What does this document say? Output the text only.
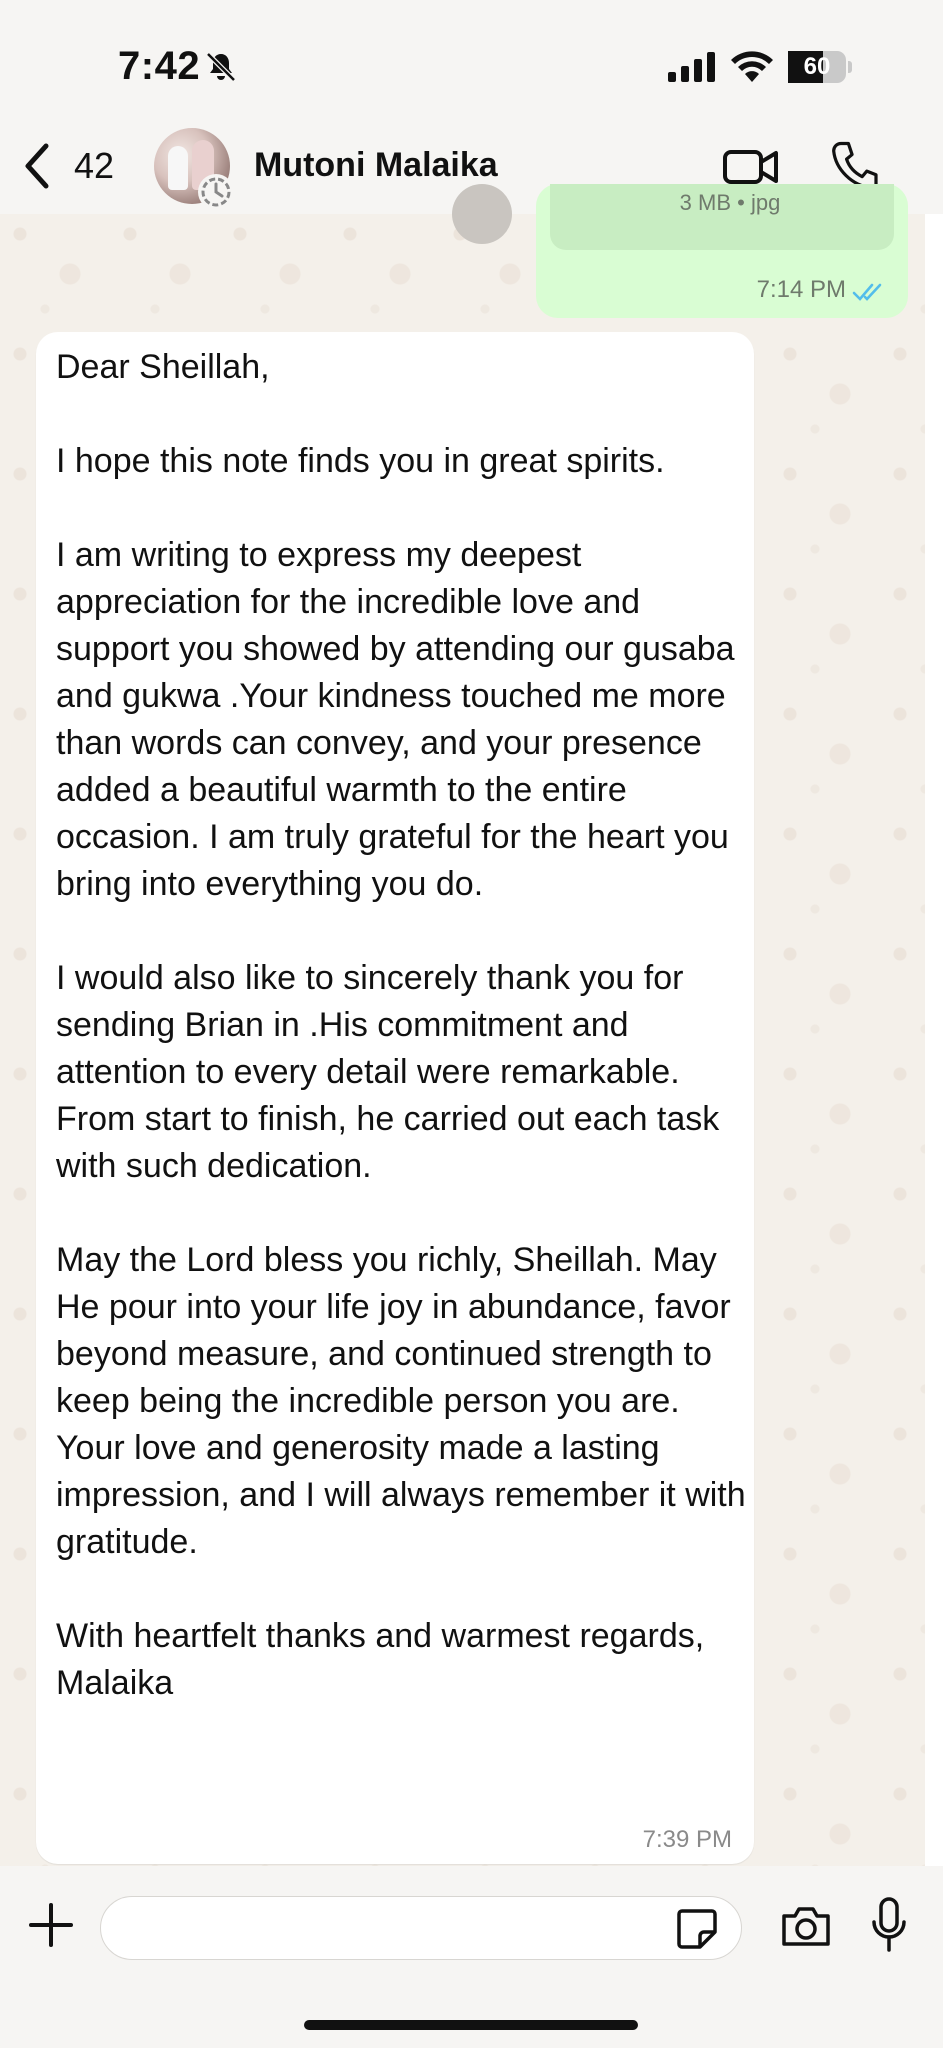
7:42	60
42	Mutoni Malaika
3 MB • jpg
7:14 PM
Dear Sheillah,

I hope this note finds you in great spirits.

I am writing to express my deepest appreciation for the incredible love and support you showed by attending our gusaba and gukwa .Your kindness touched me more than words can convey, and your presence added a beautiful warmth to the entire occasion. I am truly grateful for the heart you bring into everything you do.

I would also like to sincerely thank you for sending Brian in .His commitment and attention to every detail were remarkable. From start to finish, he carried out each task with such dedication.

May the Lord bless you richly, Sheillah. May He pour into your life joy in abundance, favor beyond measure, and continued strength to keep being the incredible person you are. Your love and generosity made a lasting impression, and I will always remember it with gratitude.

With heartfelt thanks and warmest regards,
Malaika
7:39 PM
